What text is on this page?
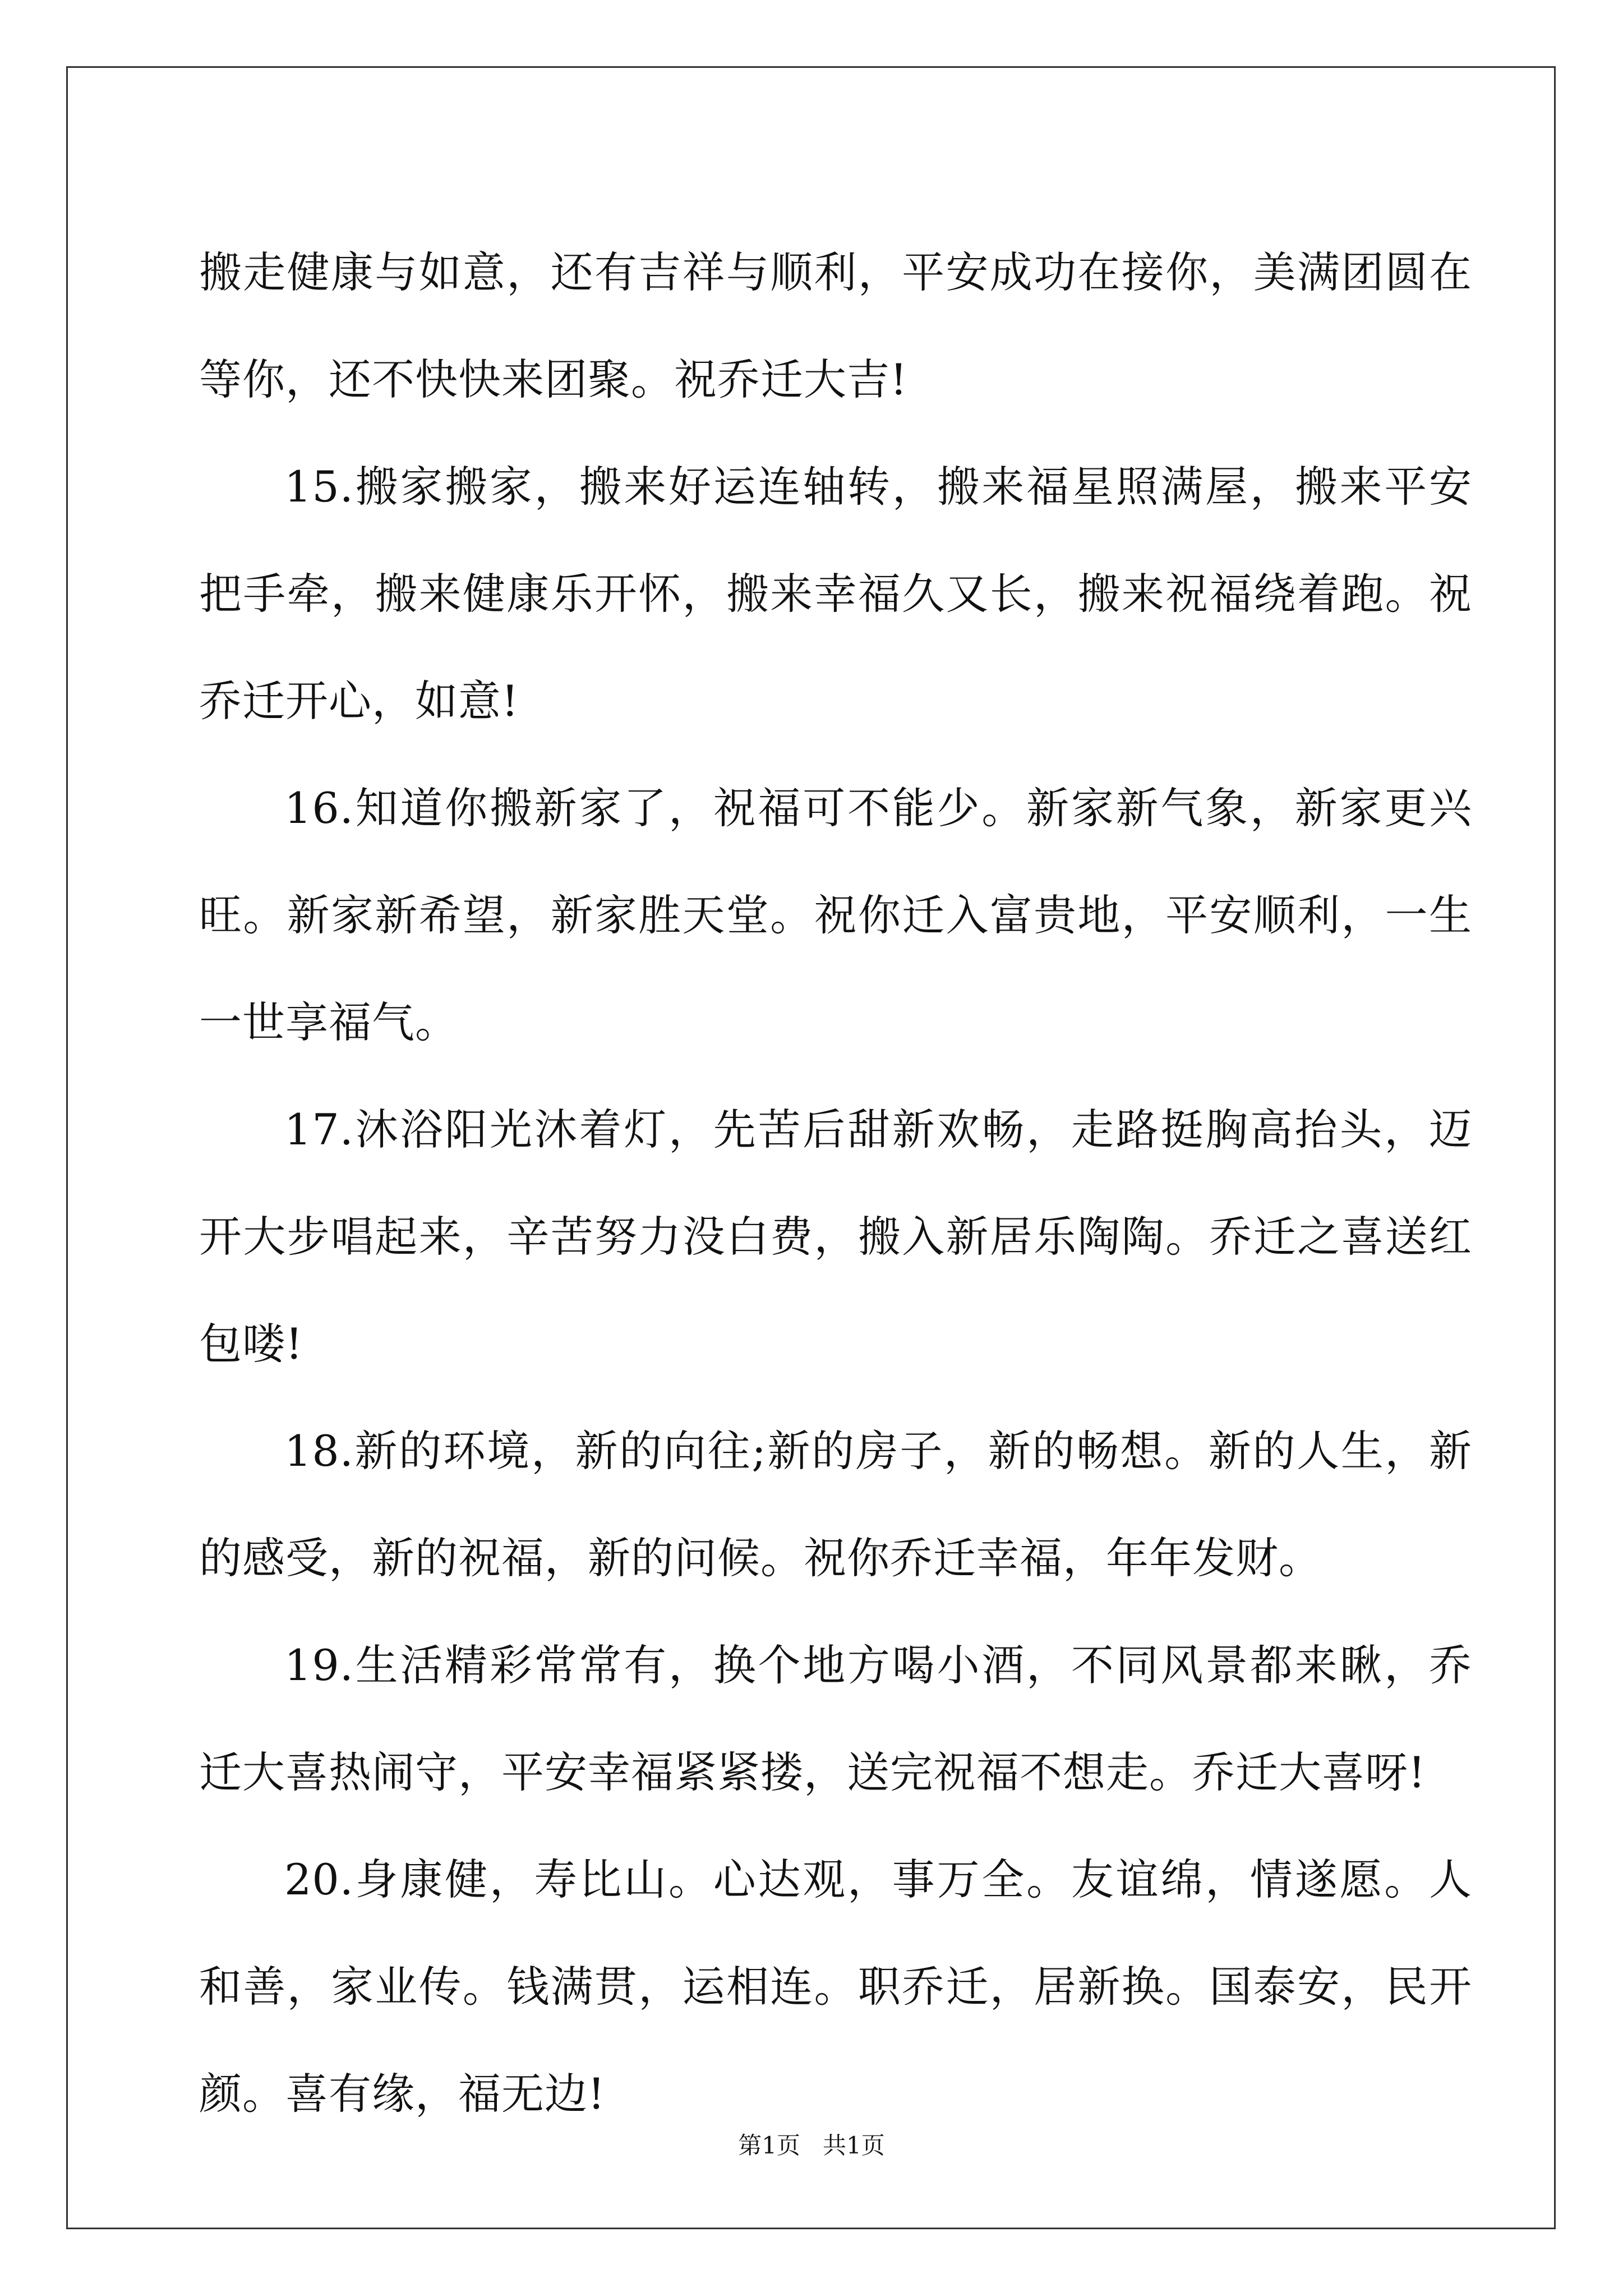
搬走健康与如意，还有吉祥与顺利，平安成功在接你，美满团圆在等你，还不快快来团聚。祝乔迁大吉!

15.搬家搬家，搬来好运连轴转，搬来福星照满屋，搬来平安把手牵，搬来健康乐开怀，搬来幸福久又长，搬来祝福绕着跑。祝乔迁开心，如意!

16.知道你搬新家了，祝福可不能少。新家新气象，新家更兴旺。新家新希望，新家胜天堂。祝你迁入富贵地，平安顺利，一生一世享福气。

17.沐浴阳光沐着灯，先苦后甜新欢畅，走路挺胸高抬头，迈开大步唱起来，辛苦努力没白费，搬入新居乐陶陶。乔迁之喜送红包喽!

18.新的环境，新的向往;新的房子，新的畅想。新的人生，新的感受，新的祝福，新的问候。祝你乔迁幸福，年年发财。

19.生活精彩常常有，换个地方喝小酒，不同风景都来瞅，乔迁大喜热闹守，平安幸福紧紧搂，送完祝福不想走。乔迁大喜呀!

20.身康健，寿比山。心达观，事万全。友谊绵，情遂愿。人和善，家业传。钱满贯，运相连。职乔迁，居新换。国泰安，民开颜。喜有缘，福无边!

第1页   共1页
